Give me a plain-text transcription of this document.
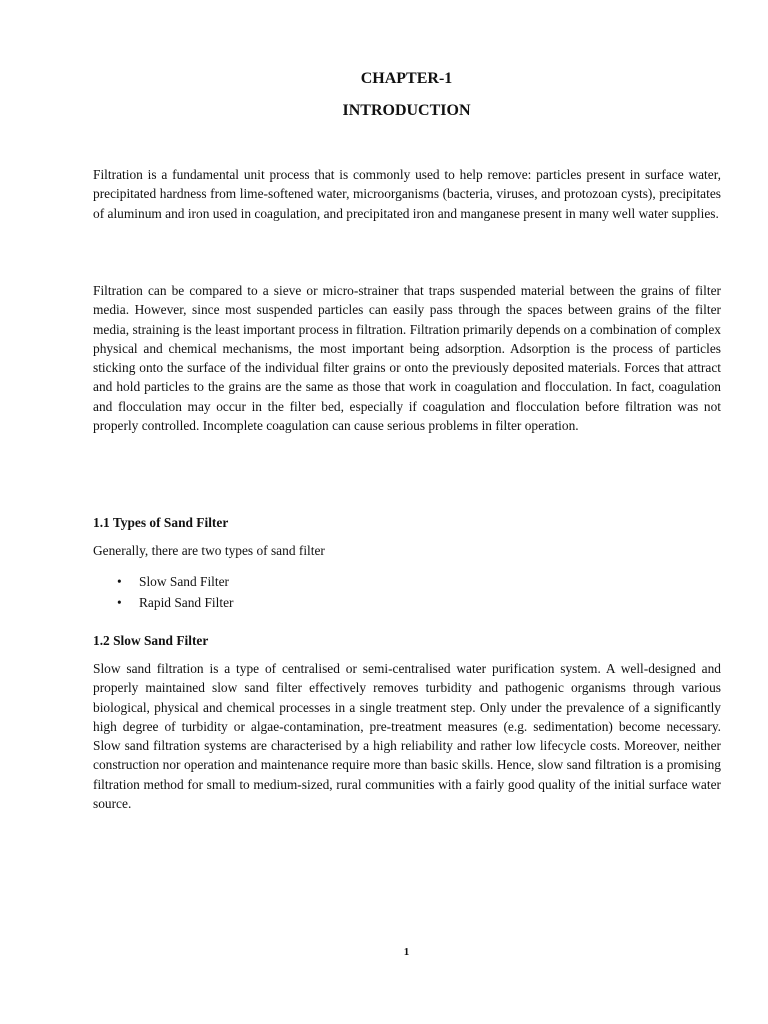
CHAPTER-1
INTRODUCTION

Filtration is a fundamental unit process that is commonly used to help remove: particles present in surface water, precipitated hardness from lime-softened water, microorganisms (bacteria, viruses, and protozoan cysts), precipitates of aluminum and iron used in coagulation, and precipitated iron and manganese present in many well water supplies.

Filtration can be compared to a sieve or micro-strainer that traps suspended material between the grains of filter media. However, since most suspended particles can easily pass through the spaces between grains of the filter media, straining is the least important process in filtration. Filtration primarily depends on a combination of complex physical and chemical mechanisms, the most important being adsorption. Adsorption is the process of particles sticking onto the surface of the individual filter grains or onto the previously deposited materials. Forces that attract and hold particles to the grains are the same as those that work in coagulation and flocculation. In fact, coagulation and flocculation may occur in the filter bed, especially if coagulation and flocculation before filtration was not properly controlled. Incomplete coagulation can cause serious problems in filter operation.

1.1 Types of Sand Filter

Generally, there are two types of sand filter

• Slow Sand Filter
• Rapid Sand Filter
1.2 Slow Sand Filter

Slow sand filtration is a type of centralised or semi-centralised water purification system. A well-designed and properly maintained slow sand filter effectively removes turbidity and pathogenic organisms through various biological, physical and chemical processes in a single treatment step. Only under the prevalence of a significantly high degree of turbidity or algae-contamination, pre-treatment measures (e.g. sedimentation) become necessary. Slow sand filtration systems are characterised by a high reliability and rather low lifecycle costs. Moreover, neither construction nor operation and maintenance require more than basic skills. Hence, slow sand filtration is a promising filtration method for small to medium-sized, rural communities with a fairly good quality of the initial surface water source.

1
